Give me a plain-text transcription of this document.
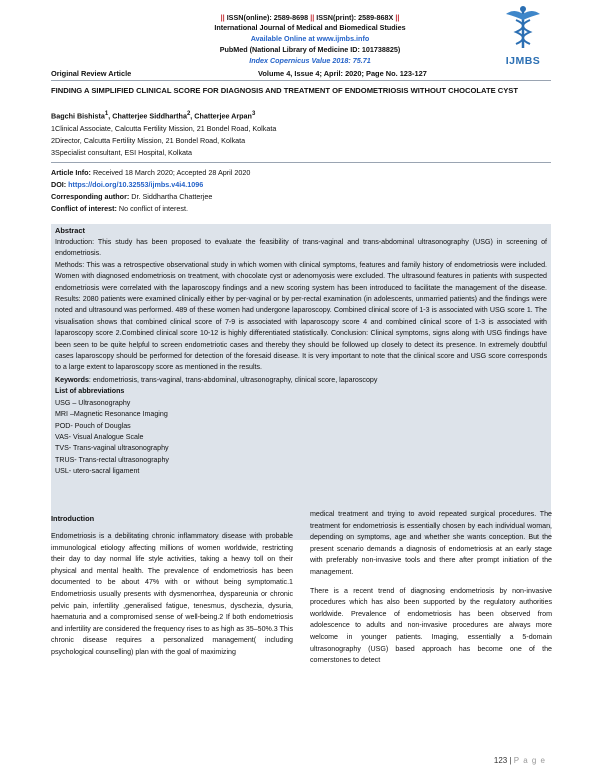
|| ISSN(online): 2589-8698 || ISSN(print): 2589-868X ||
International Journal of Medical and Biomedical Studies
Available Online at www.ijmbs.info
PubMed (National Library of Medicine ID: 101738825)
Index Copernicus Value 2018: 75.71
Original Review Article	Volume 4, Issue 4; April: 2020; Page No. 123-127
IJMBS
FINDING A SIMPLIFIED CLINICAL SCORE FOR DIAGNOSIS AND TREATMENT OF ENDOMETRIOSIS WITHOUT CHOCOLATE CYST
Bagchi Bishista$^1$, Chatterjee Siddhartha$^2$, Chatterjee Arpan$^3$
1Clinical Associate, Calcutta Fertility Mission, 21 Bondel Road, Kolkata
2Director, Calcutta Fertility Mission, 21 Bondel Road, Kolkata
3Specialist consultant, ESI Hospital, Kolkata
Article Info: Received 18 March 2020; Accepted 28 April 2020
DOI: https://doi.org/10.32553/ijmbs.v4i4.1096
Corresponding author: Dr. Siddhartha Chatterjee
Conflict of interest: No conflict of interest.
Abstract
Introduction: This study has been proposed to evaluate the feasibility of trans-vaginal and trans-abdominal ultrasonography (USG) in screening of endometriosis.
Methods: This was a retrospective observational study in which women with clinical symptoms, features and family history of endometriosis were included. Women with diagnosed endometriosis on treatment, with chocolate cyst or adenomyosis were excluded. The ultrasound features in patients with suspected endometriosis were correlated with the laparoscopy findings and a new scoring system has been introduced to facilitate the management of the disease. Results: 2080 patients were examined clinically either by per-vaginal or by per-rectal examination (in adolescents, unmarried patients) and the findings were noted and ultrasound was performed. 489 of these women had undergone laparoscopy. Combined clinical score of 1-3 is associated with USG score 1. The visualisation shows that combined clinical score of 7-9 is associated with laparoscopy score 4 and combined clinical score of 1-3 is associated with laparoscopy score 2.Combined clinical score 10-12 is highly differentiated statistically. Conclusion: Clinical symptoms, signs along with USG findings have been seen to be quite helpful to screen endometriotic cases and thereby they should be followed up closely to detect its presence. In extremely doubtful cases laparoscopy should be performed for detection of the foresaid disease. It is very important to note that the clinical score and USG score corresponds to a large extent to laparoscopy score as mentioned in the results.
Keywords: endometriosis, trans-vaginal, trans-abdominal, ultrasonography, clinical score, laparoscopy
List of abbreviations
USG – Ultrasonography
MRI –Magnetic Resonance Imaging
POD- Pouch of Douglas
VAS- Visual Analogue Scale
TVS- Trans-vaginal ultrasonography
TRUS- Trans-rectal ultrasonography
USL- utero-sacral ligament
Introduction
Endometriosis is a debilitating chronic inflammatory disease with probable immunological etiology affecting millions of women worldwide, restricting their day to day normal life style activities, taking a heavy toll on their physical and mental health. The prevalence of endometriosis has been documented to be about 47% with or without being symptomatic.1 Endometriosis usually presents with dysmenorrhea, dyspareunia or chronic pelvic pain, infertility ,generalised fatigue, tenesmus, dyschezia, dysuria, haematuria and a compromised sense of well-being.2 If both endometriosis and infertility are considered the frequency rises to as high as 35–50%.3 This chronic disease requires a personalized management( including psychological counselling) plan with the goal of maximizing
medical treatment and trying to avoid repeated surgical procedures. The treatment for endometriosis is essentially chosen by each individual woman, depending on symptoms, age and whether she wants conception. But the present scenario demands a diagnosis of endometriosis at an early stage with preferably non-invasive tools and there after prompt initiation of the management.
There is a recent trend of diagnosing endometriosis by non-invasive procedures which has also been supported by the regulatory authorities worldwide. Prevalence of endometriosis has been observed from adolescence to adults and non-invasive procedures are always more welcome in younger patients. Imaging, essentially a 5-domain ultrasonography (USG) based approach has become one of the cornerstones to detect
123 | P a g e
